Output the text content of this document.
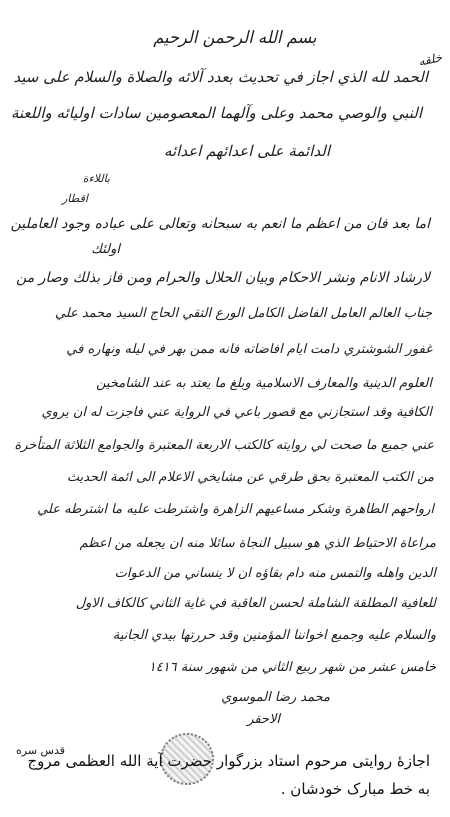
بسم الله الرحمن الرحيم
خلقه
الحمد لله الذي اجاز في تحديث بعدد آلائه والصلاة والسلام على سيد
النبي والوصي محمد وعلى وآلهما المعصومين سادات اوليائه واللعنة
الدائمة على اعدائهم اعدائه
باللاءة
اقطار
اما بعد فان من اعظم ما انعم به سبحانه وتعالى على عباده وجود العاملين
اولئك
لارشاد الانام ونشر الاحكام وبيان الحلال والحرام ومن فاز بذلك وصار من
جناب العالم العامل الفاضل الكامل الورع التقي الحاج السيد محمد علي
غفور الشوشتري دامت ايام افاضاته فانه ممن بهر في ليله ونهاره في
العلوم الدينية والمعارف الاسلامية وبلغ ما يعتد به عند الشامخين
الكافية وقد استجازني مع قصور باعي في الرواية عني فاجزت له ان يروي
عني جميع ما صحت لي روايته كالكتب الاربعة المعتبرة والجوامع الثلاثة المتأخرة
من الكتب المعتبرة بحق طرقي عن مشايخي الاعلام الى ائمة الحديث
ارواحهم الطاهرة وشكر مساعيهم الزاهرة واشترطت عليه ما اشترطه علي
مراعاة الاحتياط الذي هو سبيل النجاة سائلا منه ان يجعله من اعظم
الدين واهله والتمس منه دام بقاؤه ان لا ينساني من الدعوات
للعافية المطلقة الشاملة لحسن العاقبة في غاية الثاني كالكاف الاول
والسلام عليه وجميع اخواننا المؤمنين وقد حررتها بيدي الجانية
خامس عشر من شهر ربيع الثاني من شهور سنة ١٤١٦
محمد رضا الموسوي
الاحقر
اجازهٔ روایتی مرحوم استاد بزرگوار حضرت آیة الله العظمی مروج
قدس سره
به خط مبارک خودشان .
